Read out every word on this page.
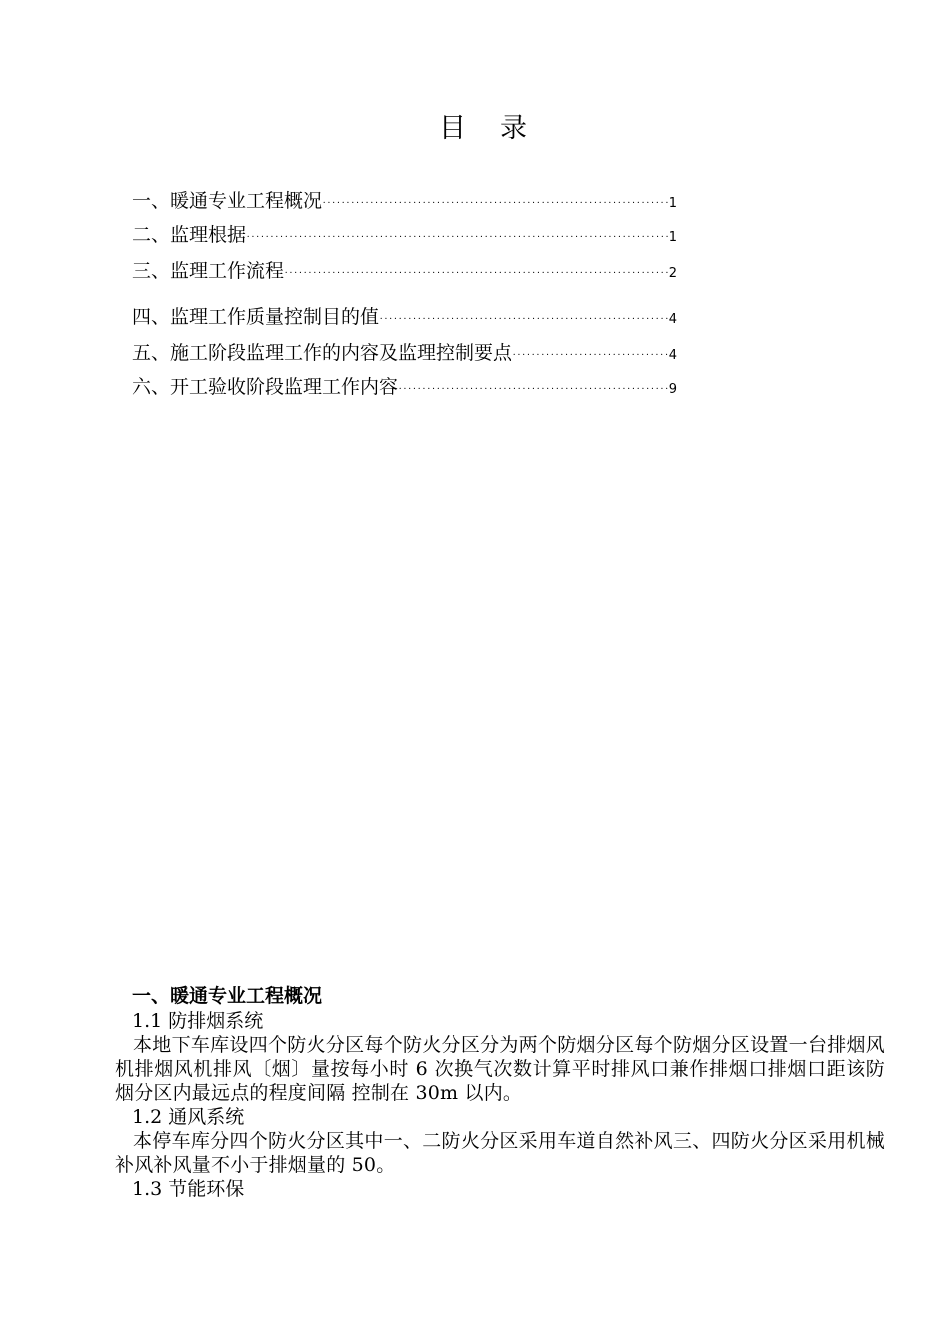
目录
一、暖通专业工程概况 •••••	1
二、监理根据 •••••	1
三、监理工作流程 •••••	2
四、监理工作质量控制目的值 •••••	4
五、施工阶段监理工作的内容及监理控制要点 •••••	4
六、开工验收阶段监理工作内容 •••••	9
一、暖通专业工程概况

1.1 防排烟系统

本地下车库设四个防火分区每个防火分区分为两个防烟分区每个防烟分区设置一台排烟风机排烟风机排风〔烟〕量按每小时 6 次换气次数计算平时排风口兼作排烟口排烟口距该防烟分区内最远点的程度间隔 控制在 30m 以内。

1.2 通风系统

本停车库分四个防火分区其中一、二防火分区采用车道自然补风三、四防火分区采用机械补风补风量不小于排烟量的 50。

1.3 节能环保
